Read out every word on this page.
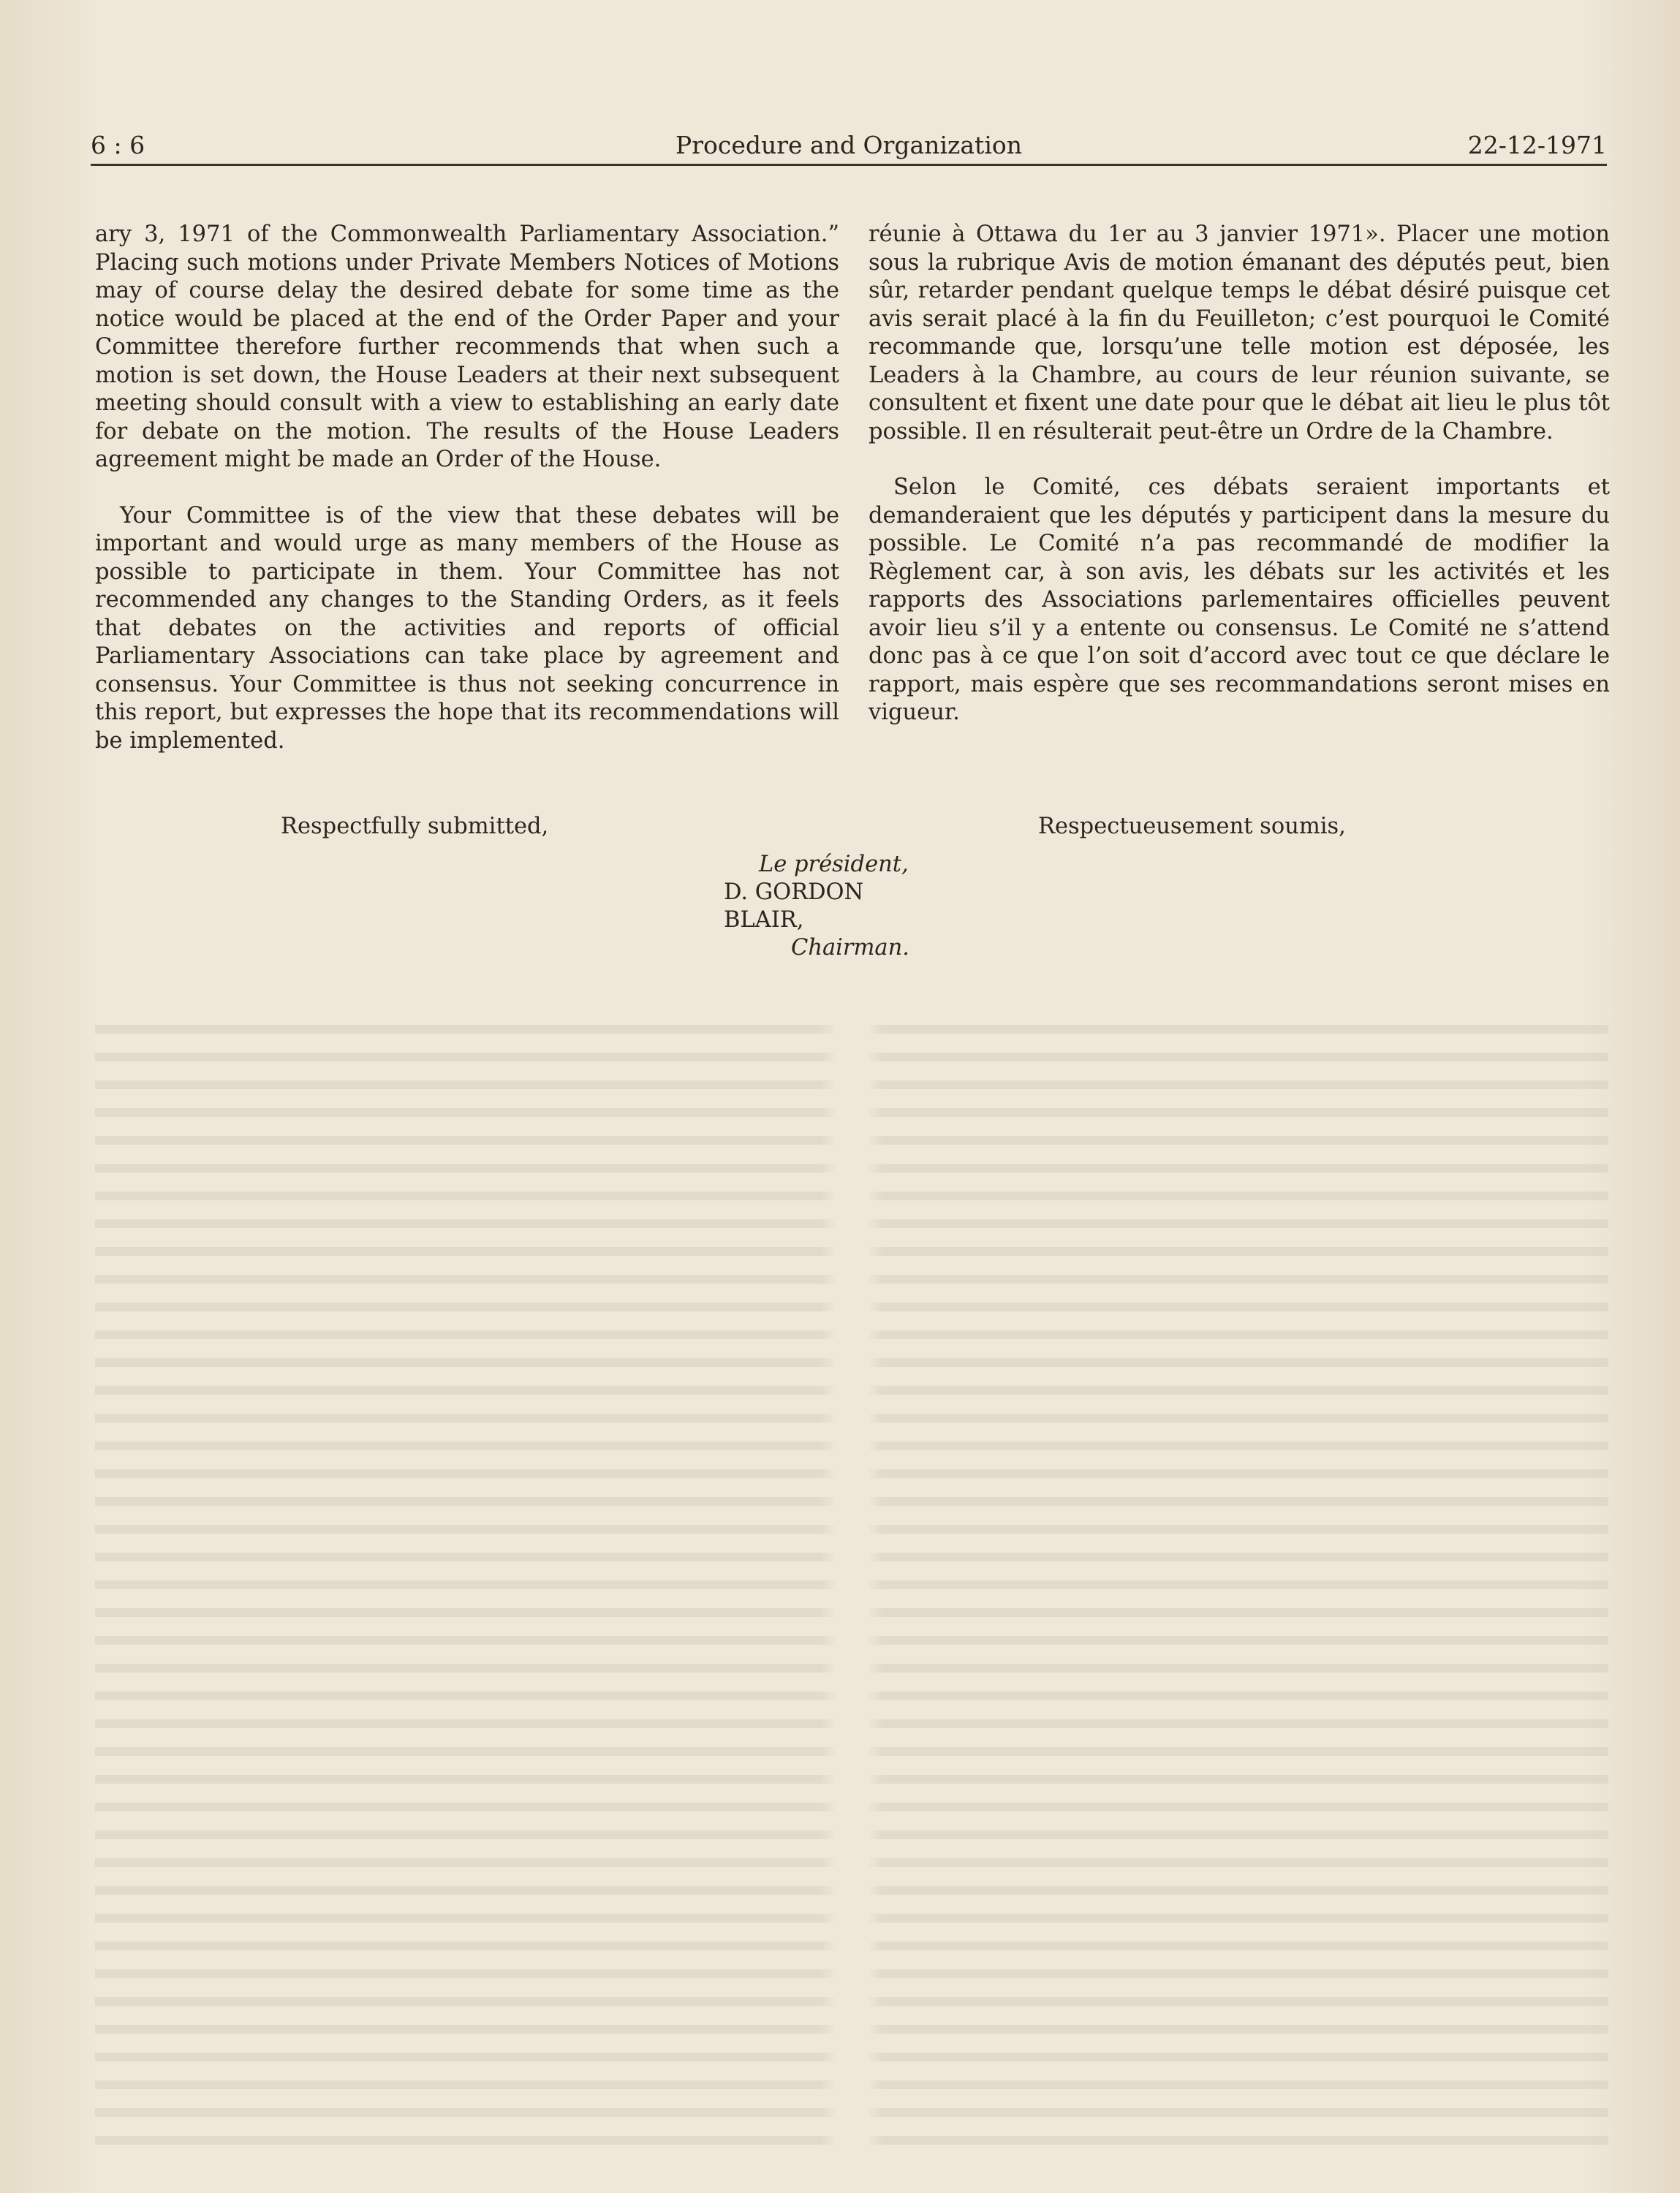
6 : 6	Procedure and Organization	22-12-1971

ary 3, 1971 of the Commonwealth Parliamentary Association.” Placing such motions under Private Members Notices of Motions may of course delay the desired debate for some time as the notice would be placed at the end of the Order Paper and your Committee therefore further recommends that when such a motion is set down, the House Leaders at their next subsequent meeting should consult with a view to establishing an early date for debate on the motion. The results of the House Leaders agreement might be made an Order of the House.

Your Committee is of the view that these debates will be important and would urge as many members of the House as possible to participate in them. Your Committee has not recommended any changes to the Standing Orders, as it feels that debates on the activities and reports of official Parliamentary Associations can take place by agreement and consensus. Your Committee is thus not seeking concurrence in this report, but expresses the hope that its recommendations will be implemented.

réunie à Ottawa du 1er au 3 janvier 1971». Placer une motion sous la rubrique Avis de motion émanant des députés peut, bien sûr, retarder pendant quelque temps le débat désiré puisque cet avis serait placé à la fin du Feuilleton; c’est pourquoi le Comité recommande que, lorsqu’une telle motion est déposée, les Leaders à la Chambre, au cours de leur réunion suivante, se consultent et fixent une date pour que le débat ait lieu le plus tôt possible. Il en résulterait peut-être un Ordre de la Chambre.

Selon le Comité, ces débats seraient importants et demanderaient que les députés y participent dans la mesure du possible. Le Comité n’a pas recommandé de modifier la Règlement car, à son avis, les débats sur les activités et les rapports des Associations parlementaires officielles peuvent avoir lieu s’il y a entente ou consensus. Le Comité ne s’attend donc pas à ce que l’on soit d’accord avec tout ce que déclare le rapport, mais espère que ses recommandations seront mises en vigueur.

Respectfully submitted,	Respectueusement soumis,
Le président,
D. GORDON BLAIR,
Chairman.
